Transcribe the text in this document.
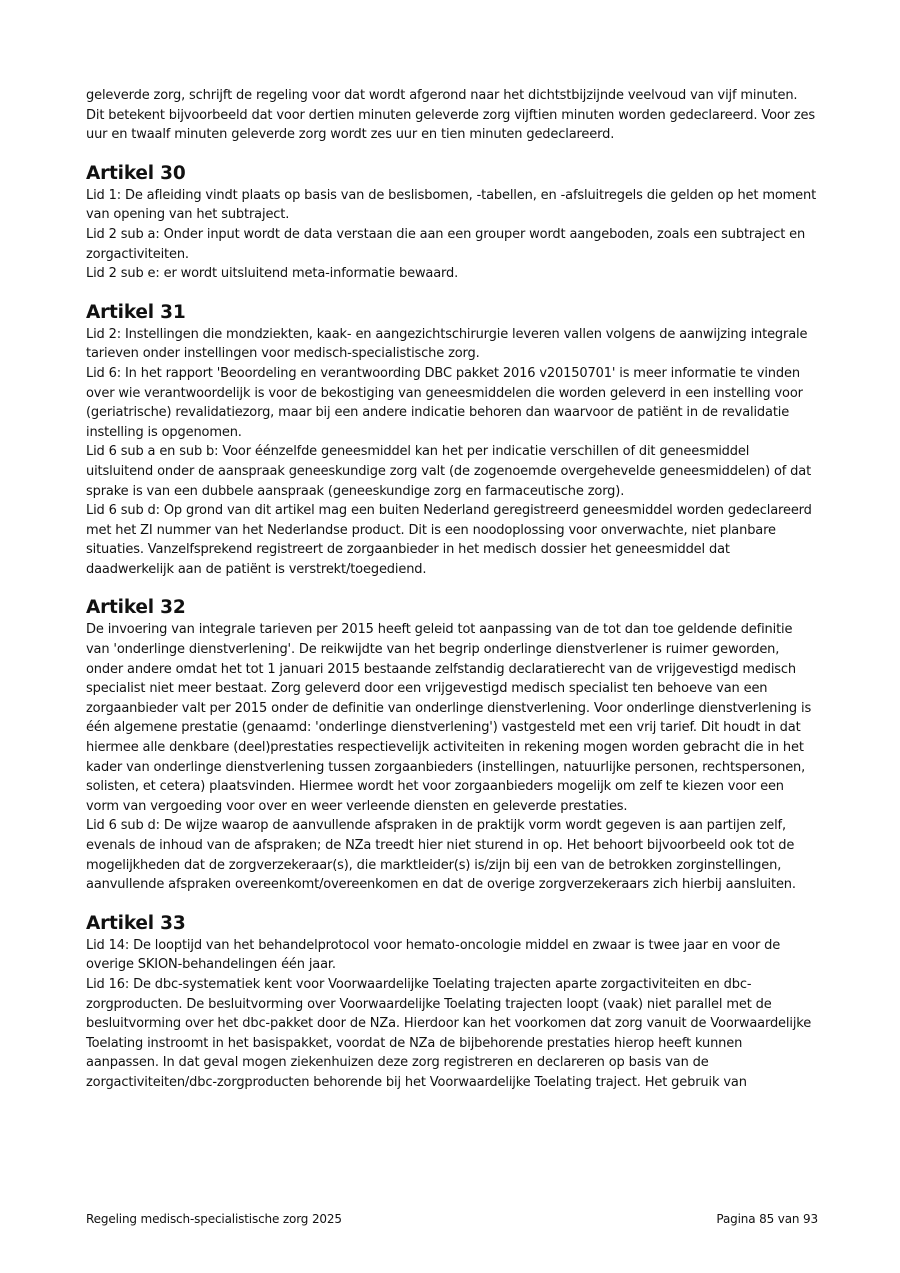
geleverde zorg, schrijft de regeling voor dat wordt afgerond naar het dichtstbijzijnde veelvoud van vijf minuten. Dit betekent bijvoorbeeld dat voor dertien minuten geleverde zorg vijftien minuten worden gedeclareerd. Voor zes uur en twaalf minuten geleverde zorg wordt zes uur en tien minuten gedeclareerd.

Artikel 30

Lid 1: De afleiding vindt plaats op basis van de beslisbomen, -tabellen, en -afsluitregels die gelden op het moment van opening van het subtraject.

Lid 2 sub a: Onder input wordt de data verstaan die aan een grouper wordt aangeboden, zoals een subtraject en zorgactiviteiten.

Lid 2 sub e: er wordt uitsluitend meta-informatie bewaard.

Artikel 31

Lid 2: Instellingen die mondziekten, kaak- en aangezichtschirurgie leveren vallen volgens de aanwijzing integrale tarieven onder instellingen voor medisch-specialistische zorg.

Lid 6: In het rapport 'Beoordeling en verantwoording DBC pakket 2016 v20150701' is meer informatie te vinden over wie verantwoordelijk is voor de bekostiging van geneesmiddelen die worden geleverd in een instelling voor (geriatrische) revalidatiezorg, maar bij een andere indicatie behoren dan waarvoor de patiënt in de revalidatie instelling is opgenomen.

Lid 6 sub a en sub b: Voor éénzelfde geneesmiddel kan het per indicatie verschillen of dit geneesmiddel uitsluitend onder de aanspraak geneeskundige zorg valt (de zogenoemde overgehevelde geneesmiddelen) of dat sprake is van een dubbele aanspraak (geneeskundige zorg en farmaceutische zorg).

Lid 6 sub d: Op grond van dit artikel mag een buiten Nederland geregistreerd geneesmiddel worden gedeclareerd met het ZI nummer van het Nederlandse product. Dit is een noodoplossing voor onverwachte, niet planbare situaties. Vanzelfsprekend registreert de zorgaanbieder in het medisch dossier het geneesmiddel dat daadwerkelijk aan de patiënt is verstrekt/toegediend.

Artikel 32

De invoering van integrale tarieven per 2015 heeft geleid tot aanpassing van de tot dan toe geldende definitie van 'onderlinge dienstverlening'. De reikwijdte van het begrip onderlinge dienstverlener is ruimer geworden, onder andere omdat het tot 1 januari 2015 bestaande zelfstandig declaratierecht van de vrijgevestigd medisch specialist niet meer bestaat. Zorg geleverd door een vrijgevestigd medisch specialist ten behoeve van een zorgaanbieder valt per 2015 onder de definitie van onderlinge dienstverlening. Voor onderlinge dienstverlening is één algemene prestatie (genaamd: 'onderlinge dienstverlening') vastgesteld met een vrij tarief. Dit houdt in dat hiermee alle denkbare (deel)prestaties respectievelijk activiteiten in rekening mogen worden gebracht die in het kader van onderlinge dienstverlening tussen zorgaanbieders (instellingen, natuurlijke personen, rechtspersonen, solisten, et cetera) plaatsvinden. Hiermee wordt het voor zorgaanbieders mogelijk om zelf te kiezen voor een vorm van vergoeding voor over en weer verleende diensten en geleverde prestaties.

Lid 6 sub d: De wijze waarop de aanvullende afspraken in de praktijk vorm wordt gegeven is aan partijen zelf, evenals de inhoud van de afspraken; de NZa treedt hier niet sturend in op. Het behoort bijvoorbeeld ook tot de mogelijkheden dat de zorgverzekeraar(s), die marktleider(s) is/zijn bij een van de betrokken zorginstellingen, aanvullende afspraken overeenkomt/overeenkomen en dat de overige zorgverzekeraars zich hierbij aansluiten.

Artikel 33

Lid 14: De looptijd van het behandelprotocol voor hemato-oncologie middel en zwaar is twee jaar en voor de overige SKION-behandelingen één jaar.

Lid 16: De dbc-systematiek kent voor Voorwaardelijke Toelating trajecten aparte zorgactiviteiten en dbc-zorgproducten. De besluitvorming over Voorwaardelijke Toelating trajecten loopt (vaak) niet parallel met de besluitvorming over het dbc-pakket door de NZa. Hierdoor kan het voorkomen dat zorg vanuit de Voorwaardelijke Toelating instroomt in het basispakket, voordat de NZa de bijbehorende prestaties hierop heeft kunnen aanpassen. In dat geval mogen ziekenhuizen deze zorg registreren en declareren op basis van de zorgactiviteiten/dbc-zorgproducten behorende bij het Voorwaardelijke Toelating traject. Het gebruik van

Regeling medisch-specialistische zorg 2025	Pagina 85 van 93
